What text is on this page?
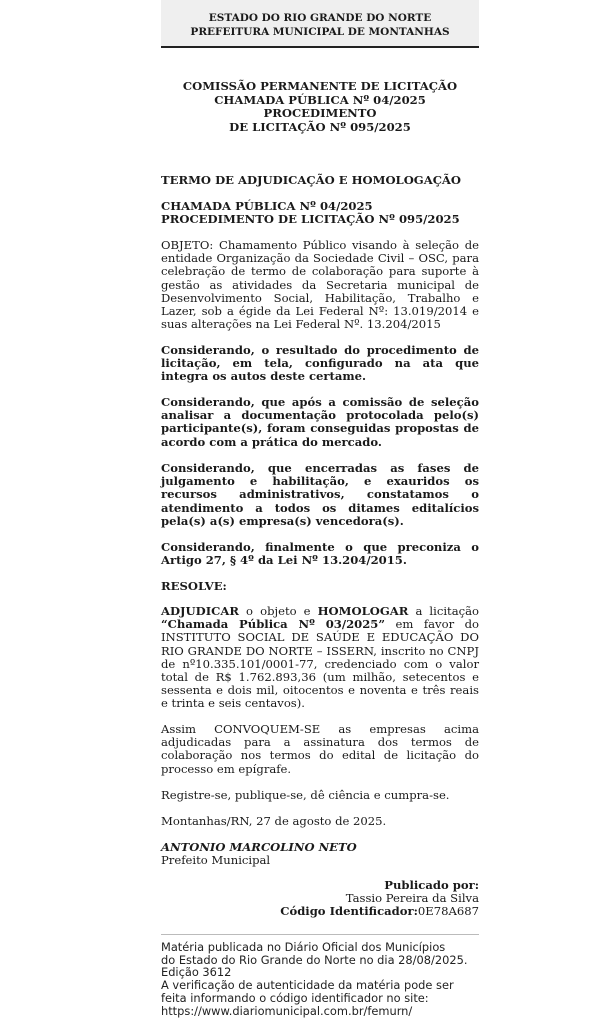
ESTADO DO RIO GRANDE DO NORTE
PREFEITURA MUNICIPAL DE MONTANHAS
COMISSÃO PERMANENTE DE LICITAÇÃO
CHAMADA PÚBLICA Nº 04/2025 PROCEDIMENTO
DE LICITAÇÃO Nº 095/2025

TERMO DE ADJUDICAÇÃO E HOMOLOGAÇÃO

CHAMADA PÚBLICA Nº 04/2025
PROCEDIMENTO DE LICITAÇÃO Nº 095/2025

OBJETO: Chamamento Público visando à seleção de entidade Organização da Sociedade Civil – OSC, para celebração de termo de colaboração para suporte à gestão as atividades da Secretaria municipal de Desenvolvimento Social, Habilitação, Trabalho e Lazer, sob a égide da Lei Federal Nº: 13.019/2014 e suas alterações na Lei Federal Nº. 13.204/2015

Considerando, o resultado do procedimento de licitação, em tela, configurado na ata que integra os autos deste certame.

Considerando, que após a comissão de seleção analisar a documentação protocolada pelo(s) participante(s), foram conseguidas propostas de acordo com a prática do mercado.

Considerando, que encerradas as fases de julgamento e habilitação, e exauridos os recursos administrativos, constatamos o atendimento a todos os ditames editalícios pela(s) a(s) empresa(s) vencedora(s).

Considerando, finalmente o que preconiza o Artigo 27, § 4º da Lei Nº 13.204/2015.

RESOLVE:

ADJUDICAR o objeto e HOMOLOGAR a licitação “Chamada Pública Nº 03/2025” em favor do INSTITUTO SOCIAL DE SAÚDE E EDUCAÇÃO DO RIO GRANDE DO NORTE – ISSERN, inscrito no CNPJ de nº10.335.101/0001-77, credenciado com o valor total de R$ 1.762.893,36 (um milhão, setecentos e sessenta e dois mil, oitocentos e noventa e três reais e trinta e seis centavos).

Assim CONVOQUEM-SE as empresas acima adjudicadas para a assinatura dos termos de colaboração nos termos do edital de licitação do processo em epígrafe.

Registre-se, publique-se, dê ciência e cumpra-se.

Montanhas/RN, 27 de agosto de 2025.

ANTONIO MARCOLINO NETO
Prefeito Municipal
Publicado por:
Tassio Pereira da Silva
Código Identificador:0E78A687
Matéria publicada no Diário Oficial dos Municípios
do Estado do Rio Grande do Norte no dia 28/08/2025.
Edição 3612
A verificação de autenticidade da matéria pode ser
feita informando o código identificador no site:
https://www.diariomunicipal.com.br/femurn/
